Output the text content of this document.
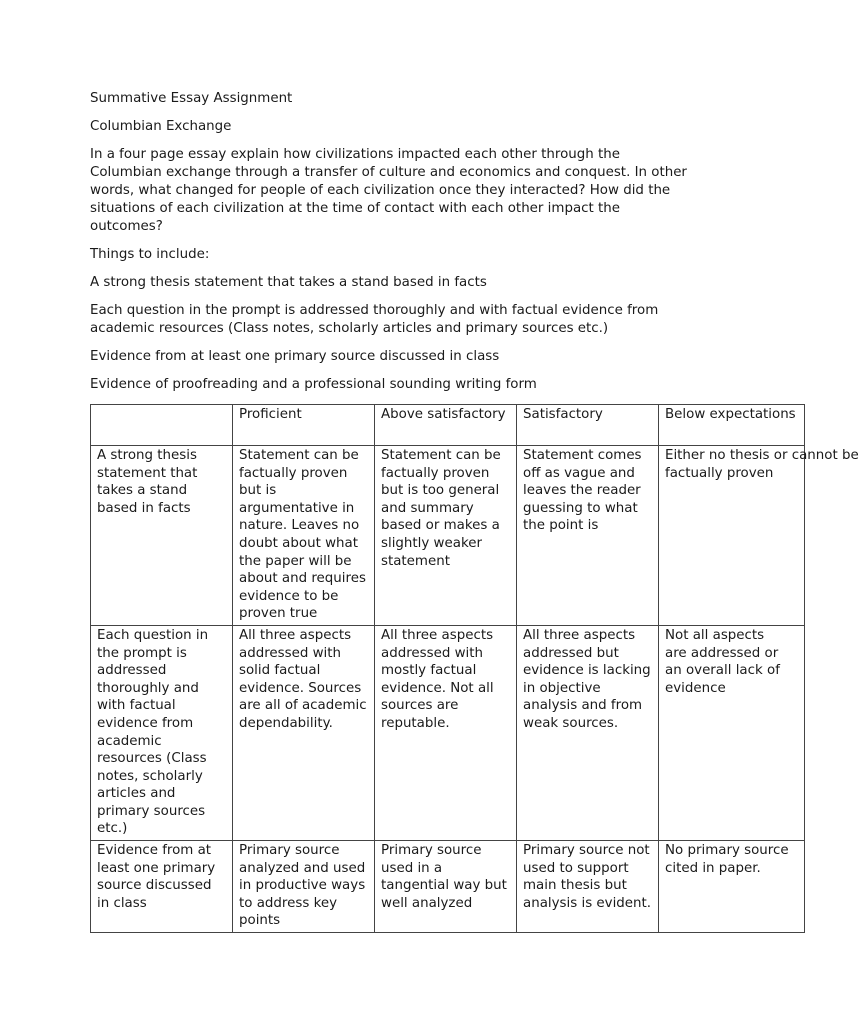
Summative Essay Assignment

Columbian Exchange

In a four page essay explain how civilizations impacted each other through the Columbian exchange through a transfer of culture and economics and conquest. In other words, what changed for people of each civilization once they interacted? How did the situations of each civilization at the time of contact with each other impact the outcomes?

Things to include:

A strong thesis statement that takes a stand based in facts

Each question in the prompt is addressed thoroughly and with factual evidence from academic resources (Class notes, scholarly articles and primary sources etc.)

Evidence from at least one primary source discussed in class

Evidence of proofreading and a professional sounding writing form

	Proficient	Above satisfactory	Satisfactory	Below expectations
A strong thesis statement that takes a stand based in facts	Statement can be factually proven but is argumentative in nature. Leaves no doubt about what the paper will be about and requires evidence to be proven true	Statement can be factually proven but is too general and summary based or makes a slightly weaker statement	Statement comes off as vague and leaves the reader guessing to what the point is	Either no thesis or cannot be factually proven

Each question in the prompt is addressed thoroughly and with factual evidence from academic resources (Class notes, scholarly articles and primary sources etc.)	All three aspects addressed with solid factual evidence. Sources are all of academic dependability.	All three aspects addressed with mostly factual evidence. Not all sources are reputable.	All three aspects addressed but evidence is lacking in objective analysis and from weak sources.	Not all aspects are addressed or an overall lack of evidence

Evidence from at least one primary source discussed in class	Primary source analyzed and used in productive ways to address key points	Primary source used in a tangential way but well analyzed	Primary source not used to support main thesis but analysis is evident.	No primary source cited in paper.
